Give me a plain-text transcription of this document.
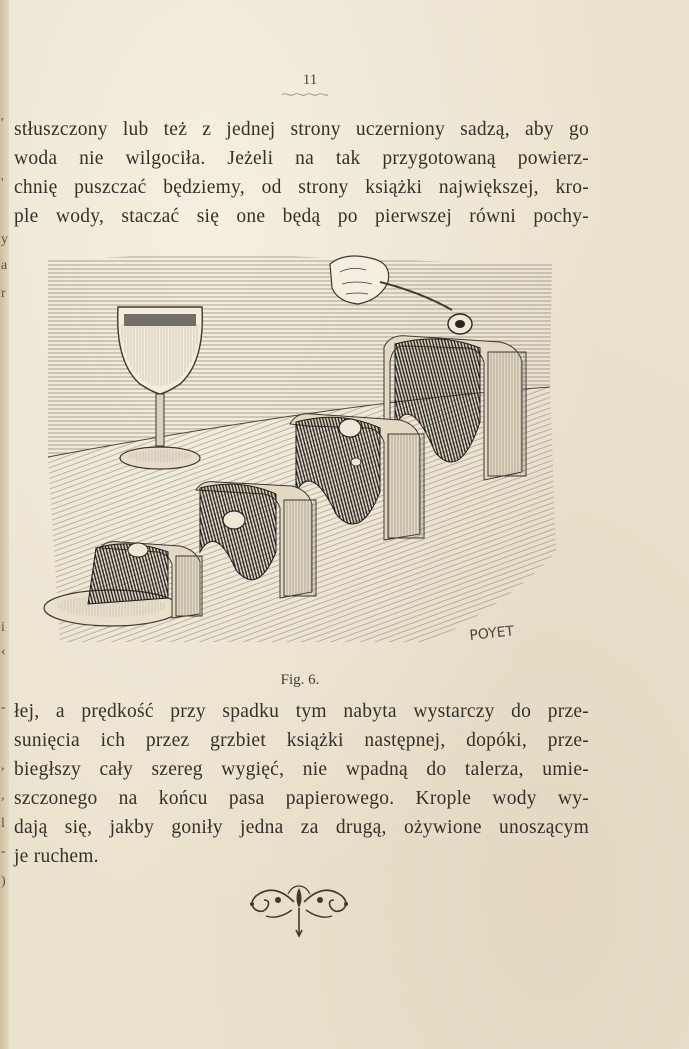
'
'
y
a
r
i
‹
-
,
,
l
-
)
11
stłuszczony lub też z jednej strony uczerniony sadzą, aby go
woda nie wilgociła. Jeżeli na tak przygotowaną powierz-
chnię puszczać będziemy, od strony książki największej, kro-
ple wody, staczać się one będą po pierwszej równi pochy-
POYET
Fig. 6.
łej, a prędkość przy spadku tym nabyta wystarczy do prze-
sunięcia ich przez grzbiet książki następnej, dopóki, prze-
biegłszy cały szereg wygięć, nie wpadną do talerza, umie-
szczonego na końcu pasa papierowego. Krople wody wy-
dają się, jakby goniły jedna za drugą, ożywione unoszącym
je ruchem.
